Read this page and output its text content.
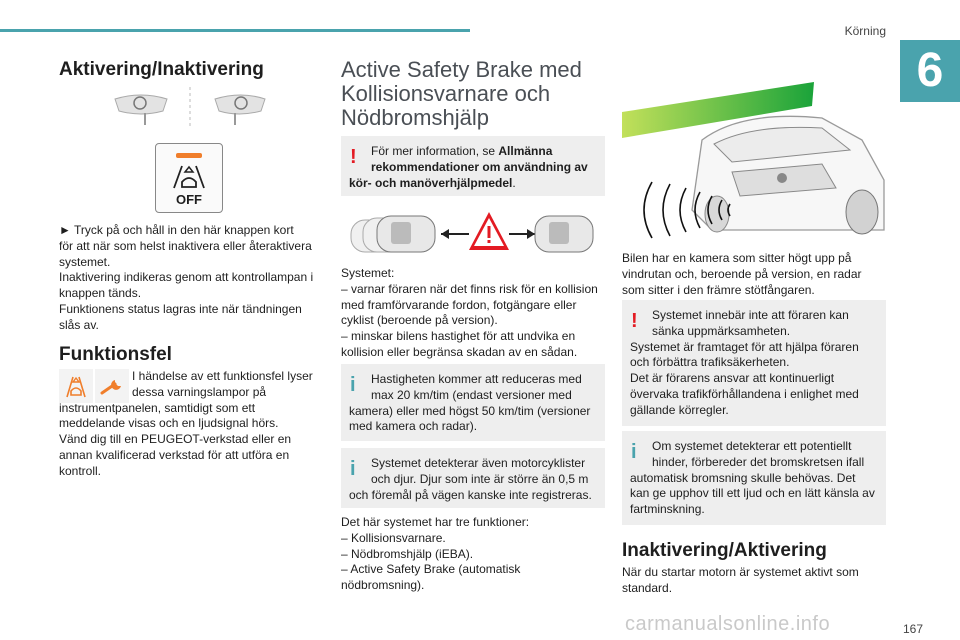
Körning
6
Aktivering/Inaktivering
OFF
► Tryck på och håll in den här knappen kort
för att när som helst inaktivera eller återaktivera
systemet.
Inaktivering indikeras genom att kontrollampan i
knappen tänds.
Funktionens status lagras inte när tändningen
slås av.
Funktionsfel
I händelse av ett funktionsfel lyser
dessa varningslampor på
instrumentpanelen, samtidigt som ett
meddelande visas och en ljudsignal hörs.
Vänd dig till en PEUGEOT-verkstad eller en
annan kvalificerad verkstad för att utföra en
kontroll.
Active Safety Brake med
Kollisionsvarnare och
Nödbromshjälp
!	För mer information, se Allmänna
rekommendationer om användning av
kör- och manöverhjälpmedel.
Systemet:
– varnar föraren när det finns risk för en kollision
med framförvarande fordon, fotgängare eller
cyklist (beroende på version).
– minskar bilens hastighet för att undvika en
kollision eller begränsa skadan av en sådan.
i	Hastigheten kommer att reduceras med
max 20 km/tim (endast versioner med
kamera) eller med högst 50 km/tim (versioner
med kamera och radar).
i	Systemet detekterar även motorcyklister
och djur. Djur som inte är större än 0,5 m
och föremål på vägen kanske inte registreras.
Det här systemet har tre funktioner:
– Kollisionsvarnare.
– Nödbromshjälp (iEBA).
– Active Safety Brake (automatisk
nödbromsning).
Bilen har en kamera som sitter högt upp på
vindrutan och, beroende på version, en radar
som sitter i den främre stötfångaren.
!	Systemet innebär inte att föraren kan
sänka uppmärksamheten.
Systemet är framtaget för att hjälpa föraren
och förbättra trafiksäkerheten.
Det är förarens ansvar att kontinuerligt
övervaka trafikförhållandena i enlighet med
gällande körregler.
i	Om systemet detekterar ett potentiellt
hinder, förbereder det bromskretsen ifall
automatisk bromsning skulle behövas. Det
kan ge upphov till ett ljud och en lätt känsla av
fartminskning.
Inaktivering/Aktivering
När du startar motorn är systemet aktivt som
standard.
carmanualsonline.info	167
